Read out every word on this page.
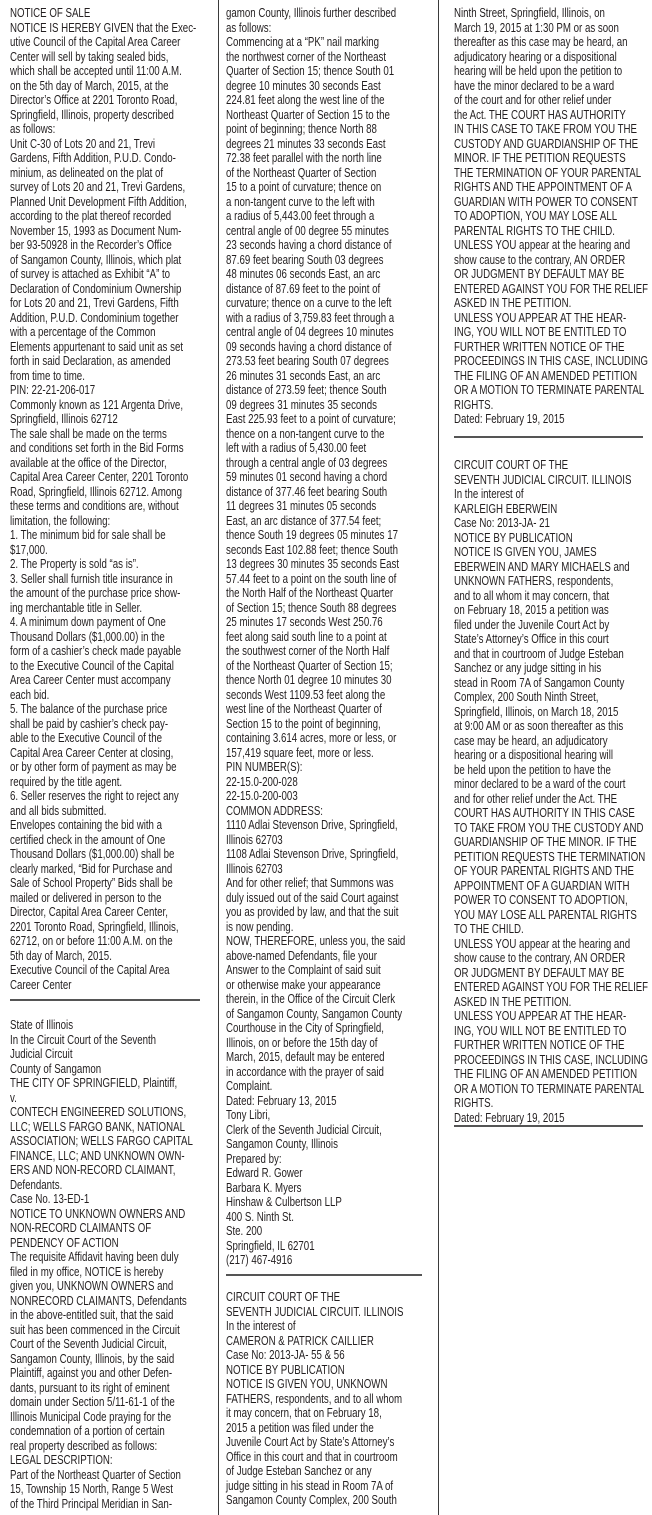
NOTICE OF SALE
NOTICE IS HEREBY GIVEN that the Exec-
utive Council of the Capital Area Career
Center will sell by taking sealed bids,
which shall be accepted until 11:00 A.M.
on the 5th day of March, 2015, at the
Director’s Office at 2201 Toronto Road,
Springfield, Illinois, property described
as follows:
Unit C-30 of Lots 20 and 21, Trevi
Gardens, Fifth Addition, P.U.D. Condo-
minium, as delineated on the plat of
survey of Lots 20 and 21, Trevi Gardens,
Planned Unit Development Fifth Addition,
according to the plat thereof recorded
November 15, 1993 as Document Num-
ber 93-50928 in the Recorder’s Office
of Sangamon County, Illinois, which plat
of survey is attached as Exhibit “A” to
Declaration of Condominium Ownership
for Lots 20 and 21, Trevi Gardens, Fifth
Addition, P.U.D. Condominium together
with a percentage of the Common
Elements appurtenant to said unit as set
forth in said Declaration, as amended
from time to time.
PIN: 22-21-206-017
Commonly known as 121 Argenta Drive,
Springfield, Illinois 62712
The sale shall be made on the terms
and conditions set forth in the Bid Forms
available at the office of the Director,
Capital Area Career Center, 2201 Toronto
Road, Springfield, Illinois 62712. Among
these terms and conditions are, without
limitation, the following:
1. The minimum bid for sale shall be
$17,000.
2. The Property is sold “as is”.
3. Seller shall furnish title insurance in
the amount of the purchase price show-
ing merchantable title in Seller.
4. A minimum down payment of One
Thousand Dollars ($1,000.00) in the
form of a cashier’s check made payable
to the Executive Council of the Capital
Area Career Center must accompany
each bid.
5. The balance of the purchase price
shall be paid by cashier’s check pay-
able to the Executive Council of the
Capital Area Career Center at closing,
or by other form of payment as may be
required by the title agent.
6. Seller reserves the right to reject any
and all bids submitted.
Envelopes containing the bid with a
certified check in the amount of One
Thousand Dollars ($1,000.00) shall be
clearly marked, “Bid for Purchase and
Sale of School Property” Bids shall be
mailed or delivered in person to the
Director, Capital Area Career Center,
2201 Toronto Road, Springfield, Illinois,
62712, on or before 11:00 A.M. on the
5th day of March, 2015.
Executive Council of the Capital Area
Career Center
State of Illinois
In the Circuit Court of the Seventh
Judicial Circuit
County of Sangamon
THE CITY OF SPRINGFIELD, Plaintiff,
v.
CONTECH ENGINEERED SOLUTIONS,
LLC; WELLS FARGO BANK, NATIONAL
ASSOCIATION; WELLS FARGO CAPITAL
FINANCE, LLC; AND UNKNOWN OWN-
ERS AND NON-RECORD CLAIMANT,
Defendants.
Case No. 13-ED-1
NOTICE TO UNKNOWN OWNERS AND
NON-RECORD CLAIMANTS OF
PENDENCY OF ACTION
The requisite Affidavit having been duly
filed in my office, NOTICE is hereby
given you, UNKNOWN OWNERS and
NONRECORD CLAIMANTS, Defendants
in the above-entitled suit, that the said
suit has been commenced in the Circuit
Court of the Seventh Judicial Circuit,
Sangamon County, Illinois, by the said
Plaintiff, against you and other Defen-
dants, pursuant to its right of eminent
domain under Section 5/11-61-1 of the
Illinois Municipal Code praying for the
condemnation of a portion of certain
real property described as follows:
LEGAL DESCRIPTION:
Part of the Northeast Quarter of Section
15, Township 15 North, Range 5 West
of the Third Principal Meridian in San-
gamon County, Illinois further described
as follows:
Commencing at a “PK” nail marking
the northwest corner of the Northeast
Quarter of Section 15; thence South 01
degree 10 minutes 30 seconds East
224.81 feet along the west line of the
Northeast Quarter of Section 15 to the
point of beginning; thence North 88
degrees 21 minutes 33 seconds East
72.38 feet parallel with the north line
of the Northeast Quarter of Section
15 to a point of curvature; thence on
a non-tangent curve to the left with
a radius of 5,443.00 feet through a
central angle of 00 degree 55 minutes
23 seconds having a chord distance of
87.69 feet bearing South 03 degrees
48 minutes 06 seconds East, an arc
distance of 87.69 feet to the point of
curvature; thence on a curve to the left
with a radius of 3,759.83 feet through a
central angle of 04 degrees 10 minutes
09 seconds having a chord distance of
273.53 feet bearing South 07 degrees
26 minutes 31 seconds East, an arc
distance of 273.59 feet; thence South
09 degrees 31 minutes 35 seconds
East 225.93 feet to a point of curvature;
thence on a non-tangent curve to the
left with a radius of 5,430.00 feet
through a central angle of 03 degrees
59 minutes 01 second having a chord
distance of 377.46 feet bearing South
11 degrees 31 minutes 05 seconds
East, an arc distance of 377.54 feet;
thence South 19 degrees 05 minutes 17
seconds East 102.88 feet; thence South
13 degrees 30 minutes 35 seconds East
57.44 feet to a point on the south line of
the North Half of the Northeast Quarter
of Section 15; thence South 88 degrees
25 minutes 17 seconds West 250.76
feet along said south line to a point at
the southwest corner of the North Half
of the Northeast Quarter of Section 15;
thence North 01 degree 10 minutes 30
seconds West 1109.53 feet along the
west line of the Northeast Quarter of
Section 15 to the point of beginning,
containing 3.614 acres, more or less, or
157,419 square feet, more or less.
PIN NUMBER(S):
22-15.0-200-028
22-15.0-200-003
COMMON ADDRESS:
1110 Adlai Stevenson Drive, Springfield,
Illinois 62703
1108 Adlai Stevenson Drive, Springfield,
Illinois 62703
And for other relief; that Summons was
duly issued out of the said Court against
you as provided by law, and that the suit
is now pending.
NOW, THEREFORE, unless you, the said
above-named Defendants, file your
Answer to the Complaint of said suit
or otherwise make your appearance
therein, in the Office of the Circuit Clerk
of Sangamon County, Sangamon County
Courthouse in the City of Springfield,
Illinois, on or before the 15th day of
March, 2015, default may be entered
in accordance with the prayer of said
Complaint.
Dated: February 13, 2015
Tony Libri,
Clerk of the Seventh Judicial Circuit,
Sangamon County, Illinois
Prepared by:
Edward R. Gower
Barbara K. Myers
Hinshaw & Culbertson LLP
400 S. Ninth St.
Ste. 200
Springfield, IL 62701
(217) 467-4916
CIRCUIT COURT OF THE
SEVENTH JUDICIAL CIRCUIT. ILLINOIS
In the interest of
CAMERON & PATRICK CAILLIER
Case No: 2013-JA- 55 & 56
NOTICE BY PUBLICATION
NOTICE IS GIVEN YOU, UNKNOWN
FATHERS, respondents, and to all whom
it may concern, that on February 18,
2015 a petition was filed under the
Juvenile Court Act by State’s Attorney’s
Office in this court and that in courtroom
of Judge Esteban Sanchez or any
judge sitting in his stead in Room 7A of
Sangamon County Complex, 200 South
Ninth Street, Springfield, Illinois, on
March 19, 2015 at 1:30 PM or as soon
thereafter as this case may be heard, an
adjudicatory hearing or a dispositional
hearing will be held upon the petition to
have the minor declared to be a ward
of the court and for other relief under
the Act. THE COURT HAS AUTHORITY
IN THIS CASE TO TAKE FROM YOU THE
CUSTODY AND GUARDIANSHIP OF THE
MINOR. IF THE PETITION REQUESTS
THE TERMINATION OF YOUR PARENTAL
RIGHTS AND THE APPOINTMENT OF A
GUARDIAN WITH POWER TO CONSENT
TO ADOPTION, YOU MAY LOSE ALL
PARENTAL RIGHTS TO THE CHILD.
UNLESS YOU appear at the hearing and
show cause to the contrary, AN ORDER
OR JUDGMENT BY DEFAULT MAY BE
ENTERED AGAINST YOU FOR THE RELIEF
ASKED IN THE PETITION.
UNLESS YOU APPEAR AT THE HEAR-
ING, YOU WILL NOT BE ENTITLED TO
FURTHER WRITTEN NOTICE OF THE
PROCEEDINGS IN THIS CASE, INCLUDING
THE FILING OF AN AMENDED PETITION
OR A MOTION TO TERMINATE PARENTAL
RIGHTS.
Dated: February 19, 2015
CIRCUIT COURT OF THE
SEVENTH JUDICIAL CIRCUIT. ILLINOIS
In the interest of
KARLEIGH EBERWEIN
Case No: 2013-JA- 21
NOTICE BY PUBLICATION
NOTICE IS GIVEN YOU, JAMES
EBERWEIN AND MARY MICHAELS and
UNKNOWN FATHERS, respondents,
and to all whom it may concern, that
on February 18, 2015 a petition was
filed under the Juvenile Court Act by
State’s Attorney’s Office in this court
and that in courtroom of Judge Esteban
Sanchez or any judge sitting in his
stead in Room 7A of Sangamon County
Complex, 200 South Ninth Street,
Springfield, Illinois, on March 18, 2015
at 9:00 AM or as soon thereafter as this
case may be heard, an adjudicatory
hearing or a dispositional hearing will
be held upon the petition to have the
minor declared to be a ward of the court
and for other relief under the Act. THE
COURT HAS AUTHORITY IN THIS CASE
TO TAKE FROM YOU THE CUSTODY AND
GUARDIANSHIP OF THE MINOR. IF THE
PETITION REQUESTS THE TERMINATION
OF YOUR PARENTAL RIGHTS AND THE
APPOINTMENT OF A GUARDIAN WITH
POWER TO CONSENT TO ADOPTION,
YOU MAY LOSE ALL PARENTAL RIGHTS
TO THE CHILD.
UNLESS YOU appear at the hearing and
show cause to the contrary, AN ORDER
OR JUDGMENT BY DEFAULT MAY BE
ENTERED AGAINST YOU FOR THE RELIEF
ASKED IN THE PETITION.
UNLESS YOU APPEAR AT THE HEAR-
ING, YOU WILL NOT BE ENTITLED TO
FURTHER WRITTEN NOTICE OF THE
PROCEEDINGS IN THIS CASE, INCLUDING
THE FILING OF AN AMENDED PETITION
OR A MOTION TO TERMINATE PARENTAL
RIGHTS.
Dated: February 19, 2015
